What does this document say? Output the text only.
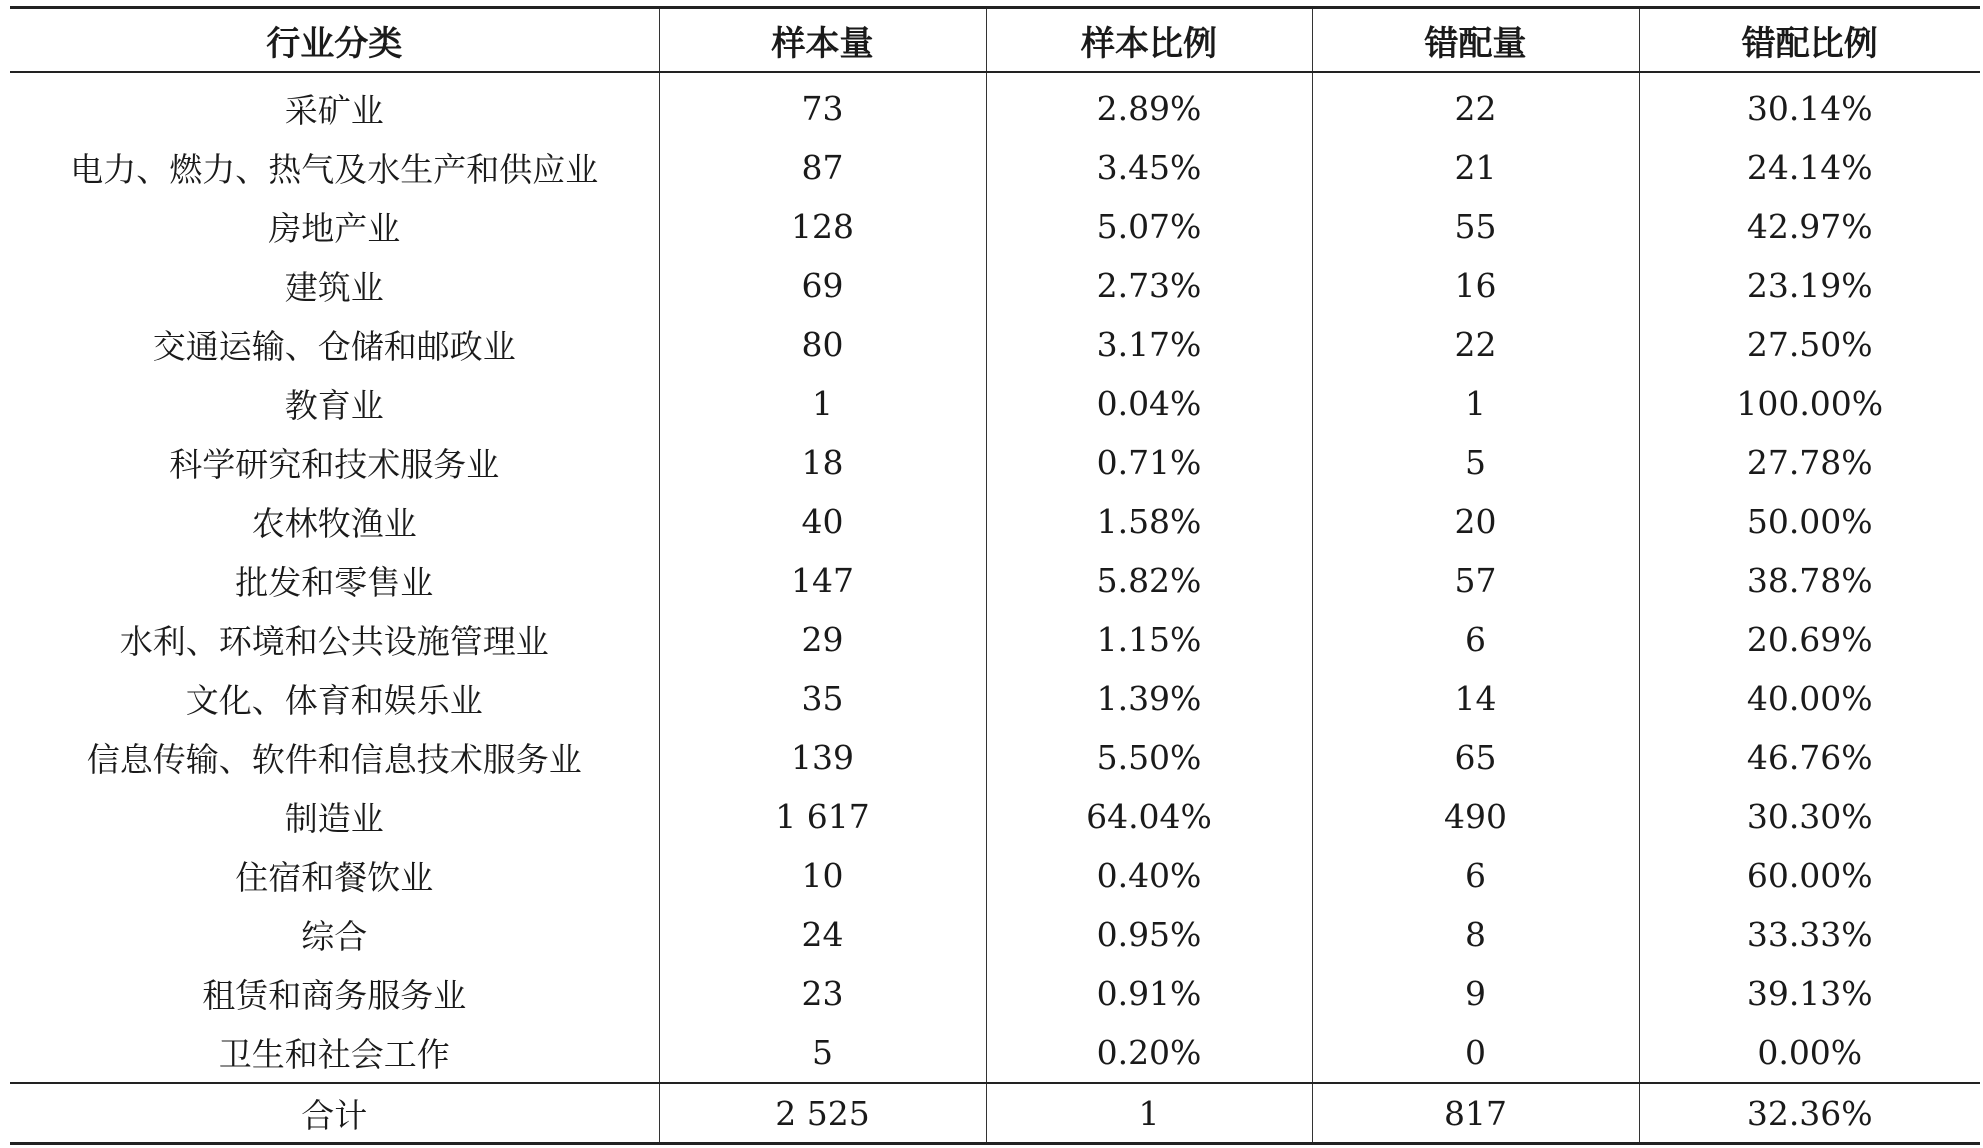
行业分类	样本量	样本比例	错配量	错配比例
采矿业	73	2.89%	22	30.14%
电力、燃力、热气及水生产和供应业	87	3.45%	21	24.14%
房地产业	128	5.07%	55	42.97%
建筑业	69	2.73%	16	23.19%
交通运输、仓储和邮政业	80	3.17%	22	27.50%
教育业	1	0.04%	1	100.00%
科学研究和技术服务业	18	0.71%	5	27.78%
农林牧渔业	40	1.58%	20	50.00%
批发和零售业	147	5.82%	57	38.78%
水利、环境和公共设施管理业	29	1.15%	6	20.69%
文化、体育和娱乐业	35	1.39%	14	40.00%
信息传输、软件和信息技术服务业	139	5.50%	65	46.76%
制造业	1 617	64.04%	490	30.30%
住宿和餐饮业	10	0.40%	6	60.00%
综合	24	0.95%	8	33.33%
租赁和商务服务业	23	0.91%	9	39.13%
卫生和社会工作	5	0.20%	0	0.00%
合计	2 525	1	817	32.36%
